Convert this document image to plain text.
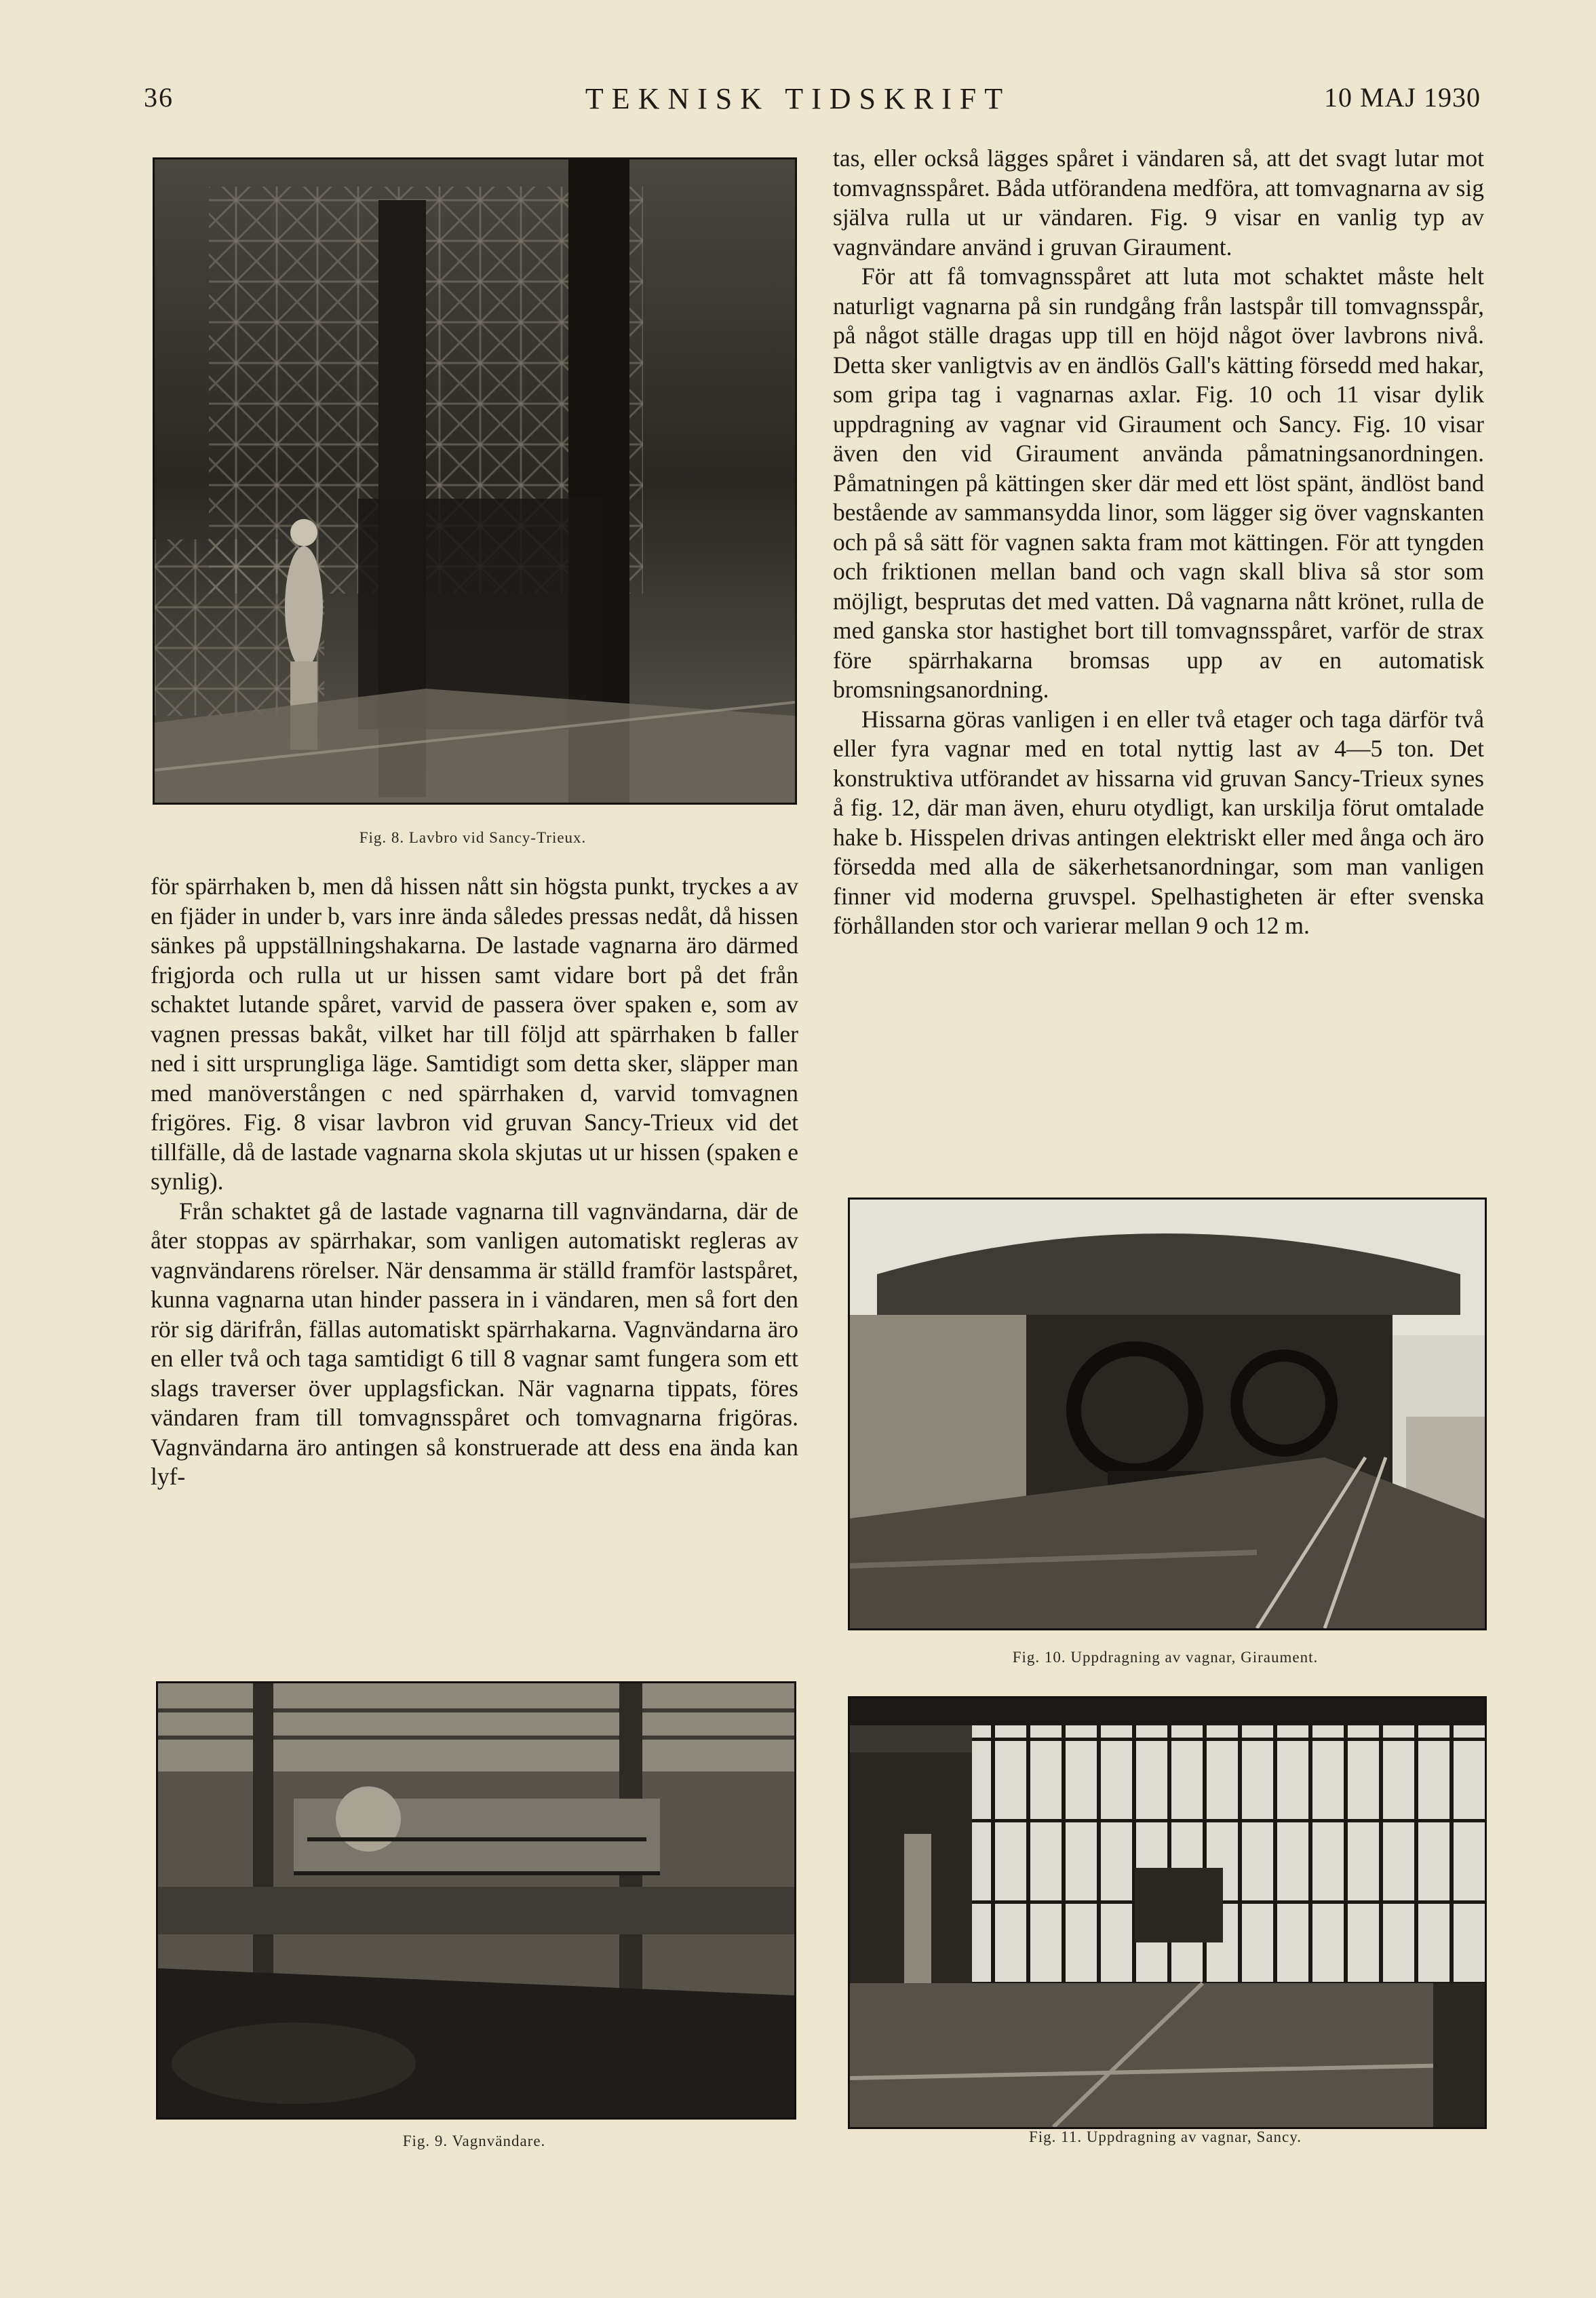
36	TEKNISK TIDSKRIFT	10 MAJ 1930
Fig. 8. Lavbro vid Sancy-Trieux.

för spärrhaken b, men då hissen nått sin högsta punkt, tryckes a av en fjäder in under b, vars inre ända således pressas nedåt, då hissen sänkes på uppställningshakarna. De lastade vagnarna äro därmed frigjorda och rulla ut ur hissen samt vidare bort på det från schaktet lutande spåret, varvid de passera över spaken e, som av vagnen pressas bakåt, vilket har till följd att spärrhaken b faller ned i sitt ursprungliga läge. Samtidigt som detta sker, släpper man med manöverstången c ned spärrhaken d, varvid tomvagnen frigöres. Fig. 8 visar lavbron vid gruvan Sancy-Trieux vid det tillfälle, då de lastade vagnarna skola skjutas ut ur hissen (spaken e synlig).

Från schaktet gå de lastade vagnarna till vagnvändarna, där de åter stoppas av spärrhakar, som vanligen automatiskt regleras av vagnvändarens rörelser. När densamma är ställd framför lastspåret, kunna vagnarna utan hinder passera in i vändaren, men så fort den rör sig därifrån, fällas automatiskt spärrhakarna. Vagnvändarna äro en eller två och taga samtidigt 6 till 8 vagnar samt fungera som ett slags traverser över upplagsfickan. När vagnarna tippats, föres vändaren fram till tomvagnsspåret och tomvagnarna frigöras. Vagnvändarna äro antingen så konstruerade att dess ena ända kan lyf-

tas, eller också lägges spåret i vändaren så, att det svagt lutar mot tomvagnsspåret. Båda utförandena medföra, att tomvagnarna av sig själva rulla ut ur vändaren. Fig. 9 visar en vanlig typ av vagnvändare använd i gruvan Giraument.

För att få tomvagnsspåret att luta mot schaktet måste helt naturligt vagnarna på sin rundgång från lastspår till tomvagnsspår, på något ställe dragas upp till en höjd något över lavbrons nivå. Detta sker vanligtvis av en ändlös Gall's kätting försedd med hakar, som gripa tag i vagnarnas axlar. Fig. 10 och 11 visar dylik uppdragning av vagnar vid Giraument och Sancy. Fig. 10 visar även den vid Giraument använda påmatningsanordningen. Påmatningen på kättingen sker där med ett löst spänt, ändlöst band bestående av sammansydda linor, som lägger sig över vagnskanten och på så sätt för vagnen sakta fram mot kättingen. För att tyngden och friktionen mellan band och vagn skall bliva så stor som möjligt, besprutas det med vatten. Då vagnarna nått krönet, rulla de med ganska stor hastighet bort till tomvagnsspåret, varför de strax före spärrhakarna bromsas upp av en automatisk bromsningsanordning.

Hissarna göras vanligen i en eller två etager och taga därför två eller fyra vagnar med en total nyttig last av 4—5 ton. Det konstruktiva utförandet av hissarna vid gruvan Sancy-Trieux synes å fig. 12, där man även, ehuru otydligt, kan urskilja förut omtalade hake b. Hisspelen drivas antingen elektriskt eller med ånga och äro försedda med alla de säkerhetsanordningar, som man vanligen finner vid moderna gruvspel. Spelhastigheten är efter svenska förhållanden stor och varierar mellan 9 och 12 m.

Fig. 10. Uppdragning av vagnar, Giraument.
Fig. 9. Vagnvändare.	Fig. 11. Uppdragning av vagnar, Sancy.
